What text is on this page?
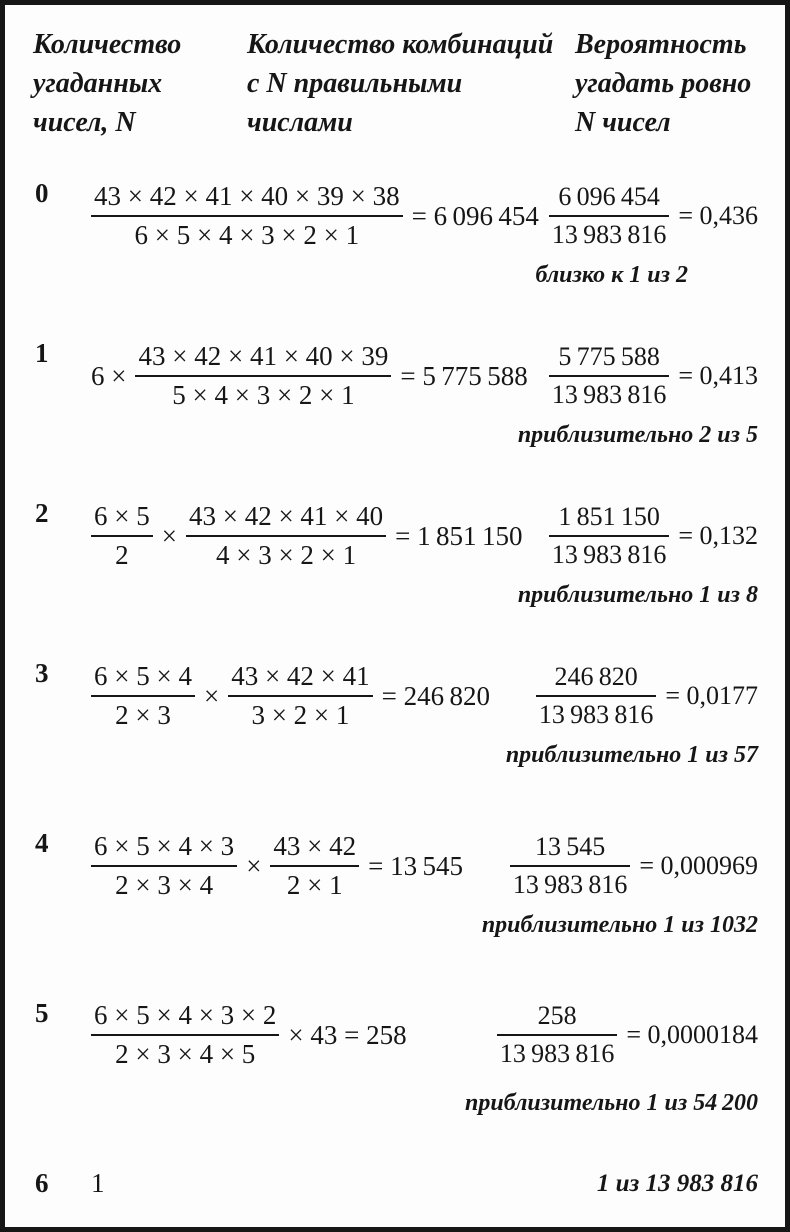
Количество
угаданных
чисел, N
Количество комбинаций
с N правильными
числами
Вероятность
угадать ровно
N чисел
$0 \frac{43 \times 42 \times 41 \times 40 \times 39 \times 38}{6 \times 5 \times 4 \times 3 \times 2 \times 1} = 6$ 096 $454 \frac{6 096 454}{13 983 816} = 0,436$
близко к 1 из 2
1
$6 \times \frac{43 \times 42 \times 41 \times 40 \times 39}{5 \times 4 \times 3 \times 2 \times 1} = 5$ 775 $588 \frac{5 775 588}{13 983 816} = 0,413$
приблизительно 2 из 5
$2 \frac{6 \times 5}{2} \times \frac{43 \times 42 \times 41 \times 40}{4 \times 3 \times 2 \times 1} = 1$ 851 $150 \frac{1 851 150}{13 983 816} = 0,132$
приблизительно 1 из 8
$3 \frac{6 \times 5 \times 4}{2 \times 3} \times \frac{43 \times 42 \times 41}{3 \times 2 \times 1} = 246$ $820 \frac{246 820}{13 983 816} = 0,0177$
приблизительно 1 из 57
$4 \frac{6 \times 5 \times 4 \times 3}{2 \times 3 \times 4} \times \frac{43 \times 42}{2 \times 1} = 13$ $545 \frac{13 545}{13 983 816} = 0,000969$
приблизительно 1 из 1032
$5 \frac{6 \times 5 \times 4 \times 3 \times 2}{2 \times 3 \times 4 \times 5} \times 43 = 258$	$\frac{258}{13 983 816} = 0,0000184$
приблизительно 1 из 54 200
6 1	1 из 13 983 816
